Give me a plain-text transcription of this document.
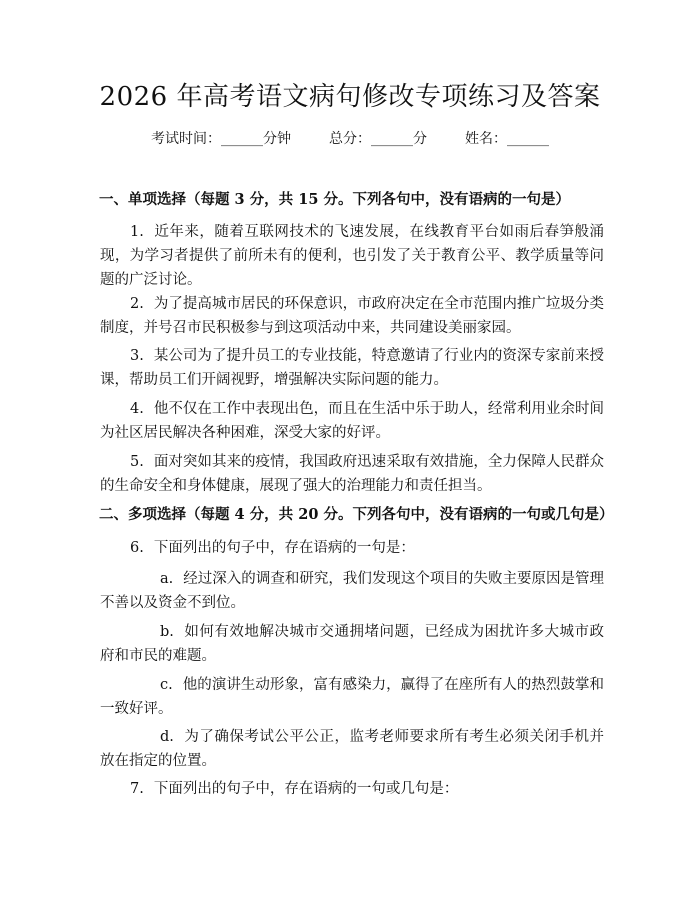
2026 年高考语文病句修改专项练习及答案
考试时间：______分钟	总分：______分	姓名：______
一、单项选择（每题 3 分，共 15 分。下列各句中，没有语病的一句是）
1. 近年来，随着互联网技术的飞速发展，在线教育平台如雨后春笋般涌现，为学习者提供了前所未有的便利，也引发了关于教育公平、教学质量等问题的广泛讨论。
2. 为了提高城市居民的环保意识，市政府决定在全市范围内推广垃圾分类制度，并号召市民积极参与到这项活动中来，共同建设美丽家园。
3. 某公司为了提升员工的专业技能，特意邀请了行业内的资深专家前来授课，帮助员工们开阔视野，增强解决实际问题的能力。
4. 他不仅在工作中表现出色，而且在生活中乐于助人，经常利用业余时间为社区居民解决各种困难，深受大家的好评。
5. 面对突如其来的疫情，我国政府迅速采取有效措施，全力保障人民群众的生命安全和身体健康，展现了强大的治理能力和责任担当。
二、多项选择（每题 4 分，共 20 分。下列各句中，没有语病的一句或几句是）
6. 下面列出的句子中，存在语病的一句是：
a. 经过深入的调查和研究，我们发现这个项目的失败主要原因是管理不善以及资金不到位。
b. 如何有效地解决城市交通拥堵问题，已经成为困扰许多大城市政府和市民的难题。
c. 他的演讲生动形象，富有感染力，赢得了在座所有人的热烈鼓掌和一致好评。
d. 为了确保考试公平公正，监考老师要求所有考生必须关闭手机并放在指定的位置。
7. 下面列出的句子中，存在语病的一句或几句是：
